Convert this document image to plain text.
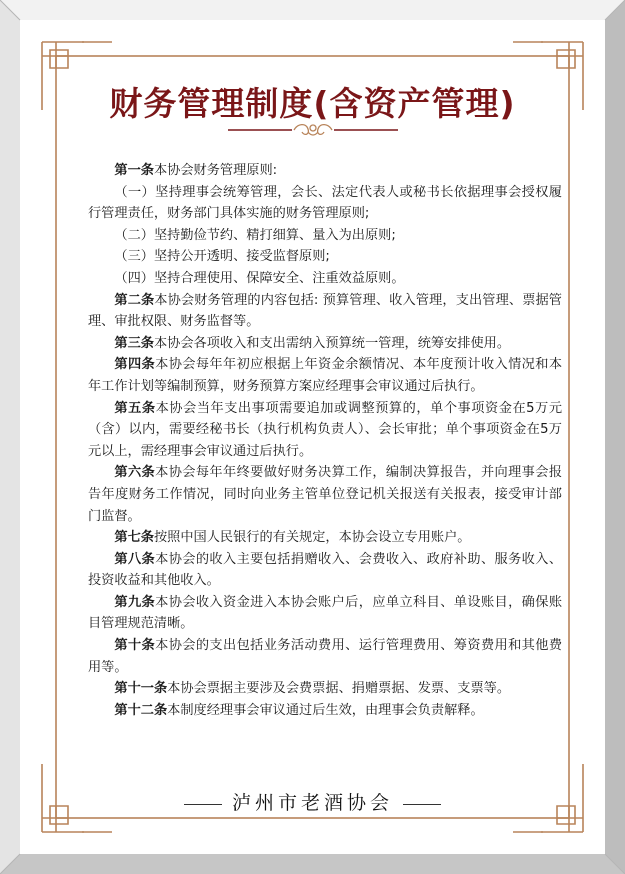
财务管理制度(含资产管理)

第一条本协会财务管理原则:

（一）坚持理事会统筹管理，会长、法定代表人或秘书长依据理事会授权履行管理责任，财务部门具体实施的财务管理原则;

（二）坚持勤俭节约、精打细算、量入为出原则;

（三）坚持公开透明、接受监督原则;

（四）坚持合理使用、保障安全、注重效益原则。

第二条本协会财务管理的内容包括: 预算管理、收入管理，支出管理、票据管理、审批权限、财务监督等。

第三条本协会各项收入和支出需纳入预算统一管理，统筹安排使用。

第四条本协会每年年初应根据上年资金余额情况、本年度预计收入情况和本年工作计划等编制预算，财务预算方案应经理事会审议通过后执行。

第五条本协会当年支出事项需要追加或调整预算的，单个事项资金在5万元（含）以内，需要经秘书长（执行机构负责人）、会长审批；单个事项资金在5万元以上，需经理事会审议通过后执行。

第六条本协会每年年终要做好财务决算工作，编制决算报告，并向理事会报告年度财务工作情况，同时向业务主管单位登记机关报送有关报表，接受审计部门监督。

第七条按照中国人民银行的有关规定，本协会设立专用账户。

第八条本协会的收入主要包括捐赠收入、会费收入、政府补助、服务收入、投资收益和其他收入。

第九条本协会收入资金进入本协会账户后，应单立科目、单设账目，确保账目管理规范清晰。

第十条本协会的支出包括业务活动费用、运行管理费用、筹资费用和其他费用等。

第十一条本协会票据主要涉及会费票据、捐赠票据、发票、支票等。

第十二条本制度经理事会审议通过后生效，由理事会负责解释。

泸州市老酒协会
